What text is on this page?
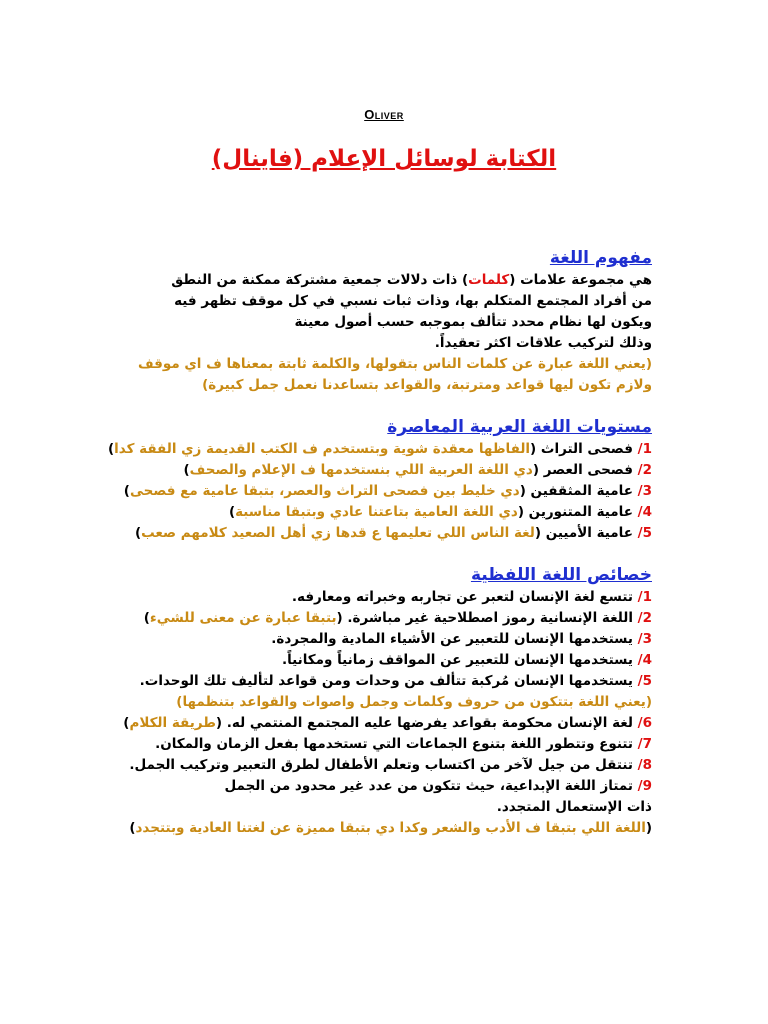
Oliver
الكتابة لوسائل الإعلام (فاينال)
مفهوم اللغة
هي مجموعة علامات (كلمات) ذات دلالات جمعية مشتركة ممكنة من النطق
من أفراد المجتمع المتكلم بها، وذات ثبات نسبي في كل موقف تظهر فيه
ويكون لها نظام محدد تتألف بموجبه حسب أصول معينة
وذلك لتركيب علاقات اكثر تعقيداً.
(يعني اللغة عبارة عن كلمات الناس بتقولها، والكلمة ثابتة بمعناها ف اي موقف
ولازم تكون ليها قواعد ومترتبة، والقواعد بتساعدنا نعمل جمل كبيرة)
مستويات اللغة العربية المعاصرة
1/ فصحى التراث (الفاظها معقدة شوية وبتستخدم ف الكتب القديمة زي الفقة كدا)
2/ فصحى العصر (دي اللغة العربية اللي بنستخدمها ف الإعلام والصحف)
3/ عامية المثقفين (دي خليط بين فصحى التراث والعصر، بتبقا عامية مع فصحى)
4/ عامية المتنورين (دي اللغة العامية بتاعتنا عادي وبتبقا مناسبة)
5/ عامية الأميين (لغة الناس اللي تعليمها ع قدها زي أهل الصعيد كلامهم صعب)
خصائص اللغة اللفظية
1/ تتسع لغة الإنسان لتعبر عن تجاربه وخبراته ومعارفه.
2/ اللغة الإنسانية رموز اصطلاحية غير مباشرة. (بتبقا عبارة عن معنى للشيء)
3/ يستخدمها الإنسان للتعبير عن الأشياء المادية والمجردة.
4/ يستخدمها الإنسان للتعبير عن المواقف زمانياً ومكانياً.
5/ يستخدمها الإنسان مُركبة تتألف من وحدات ومن قواعد لتأليف تلك الوحدات.
(يعني اللغة بتتكون من حروف وكلمات وجمل واصوات والقواعد بتنظمها)
6/ لغة الإنسان محكومة بقواعد يفرضها عليه المجتمع المنتمي له. (طريقة الكلام)
7/ تتنوع وتتطور اللغة بتنوع الجماعات التي تستخدمها بفعل الزمان والمكان.
8/ تنتقل من جيل لآخر من اكتساب وتعلم الأطفال لطرق التعبير وتركيب الجمل.
9/ تمتاز اللغة الإبداعية، حيث تتكون من عدد غير محدود من الجمل
ذات الإستعمال المتجدد.
(اللغة اللي بتبقا ف الأدب والشعر وكدا دي بتبقا مميزة عن لغتنا العادية وبتتجدد)
